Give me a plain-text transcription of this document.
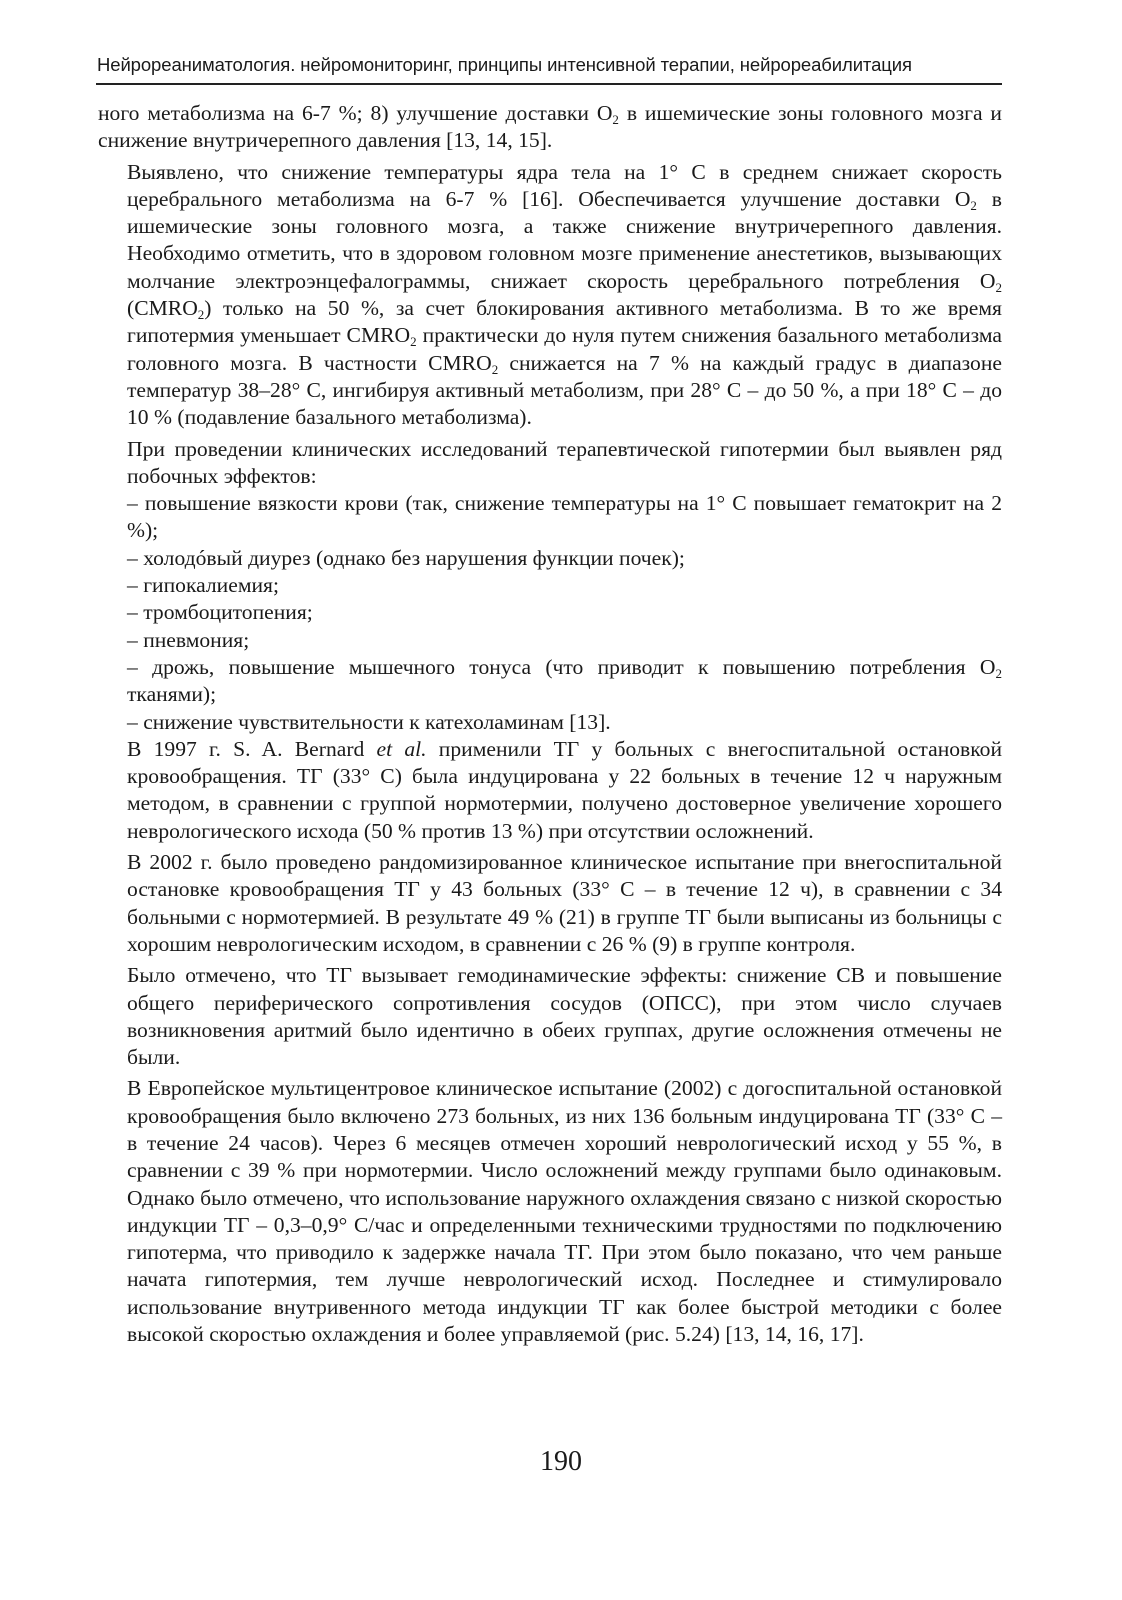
Нейрореаниматология. нейромониторинг, принципы интенсивной терапии, нейрореабилитация

ного метаболизма на 6-7 %; 8) улучшение доставки $O_2$ в ишемические зоны головного мозга и снижение внутричерепного давления [13, 14, 15].

Выявлено, что снижение температуры ядра тела на 1° С в среднем снижает скорость церебрального метаболизма на 6-7 % [16]. Обеспечивается улучшение доставки $O_2$ в ишемические зоны головного мозга, а также снижение внутричерепного давления. Необходимо отметить, что в здоровом головном мозге применение анестетиков, вызывающих молчание электроэнцефалограммы, снижает скорость церебрального потребления $O_2$ $(CMRO_2)$ только на 50 %, за счет блокирования активного метаболизма. В то же время гипотермия уменьшает $CMRO_2$ практически до нуля путем снижения базального метаболизма головного мозга. В частности $CMRO_2$ снижается на 7 % на каждый градус в диапазоне температур 38–28° С, ингибируя активный метаболизм, при 28° С – до 50 %, а при 18° С – до 10 % (подавление базального метаболизма).

При проведении клинических исследований терапевтической гипотермии был выявлен ряд побочных эффектов:

– повышение вязкости крови (так, снижение температуры на 1° С повышает гематокрит на 2 %);

– холодóвый диурез (однако без нарушения функции почек);

– гипокалиемия;

– тромбоцитопения;

– пневмония;

– дрожь, повышение мышечного тонуса (что приводит к повышению потребления $O_2$ тканями);

– снижение чувствительности к катехоламинам [13].

В 1997 г. S. A. Bernard et al. применили ТГ у больных с внегоспитальной остановкой кровообращения. ТГ (33° С) была индуцирована у 22 больных в течение 12 ч наружным методом, в сравнении с группой нормотермии, получено достоверное увеличение хорошего неврологического исхода (50 % против 13 %) при отсутствии осложнений.

В 2002 г. было проведено рандомизированное клиническое испытание при внегоспитальной остановке кровообращения ТГ у 43 больных (33° С – в течение 12 ч), в сравнении с 34 больными с нормотермией. В результате 49 % (21) в группе ТГ были выписаны из больницы с хорошим неврологическим исходом, в сравнении с 26 % (9) в группе контроля.

Было отмечено, что ТГ вызывает гемодинамические эффекты: снижение СВ и повышение общего периферического сопротивления сосудов (ОПСС), при этом число случаев возникновения аритмий было идентично в обеих группах, другие осложнения отмечены не были.

В Европейское мультицентровое клиническое испытание (2002) с догоспитальной остановкой кровообращения было включено 273 больных, из них 136 больным индуцирована ТГ (33° С – в течение 24 часов). Через 6 месяцев отмечен хороший неврологический исход у 55 %, в сравнении с 39 % при нормотермии. Число осложнений между группами было одинаковым. Однако было отмечено, что использование наружного охлаждения связано с низкой скоростью индукции ТГ – 0,3–0,9° С/час и определенными техническими трудностями по подключению гипотерма, что приводило к задержке начала ТГ. При этом было показано, что чем раньше начата гипотермия, тем лучше неврологический исход. Последнее и стимулировало использование внутривенного метода индукции ТГ как более быстрой методики с более высокой скоростью охлаждения и более управляемой (рис. 5.24) [13, 14, 16, 17].

190
